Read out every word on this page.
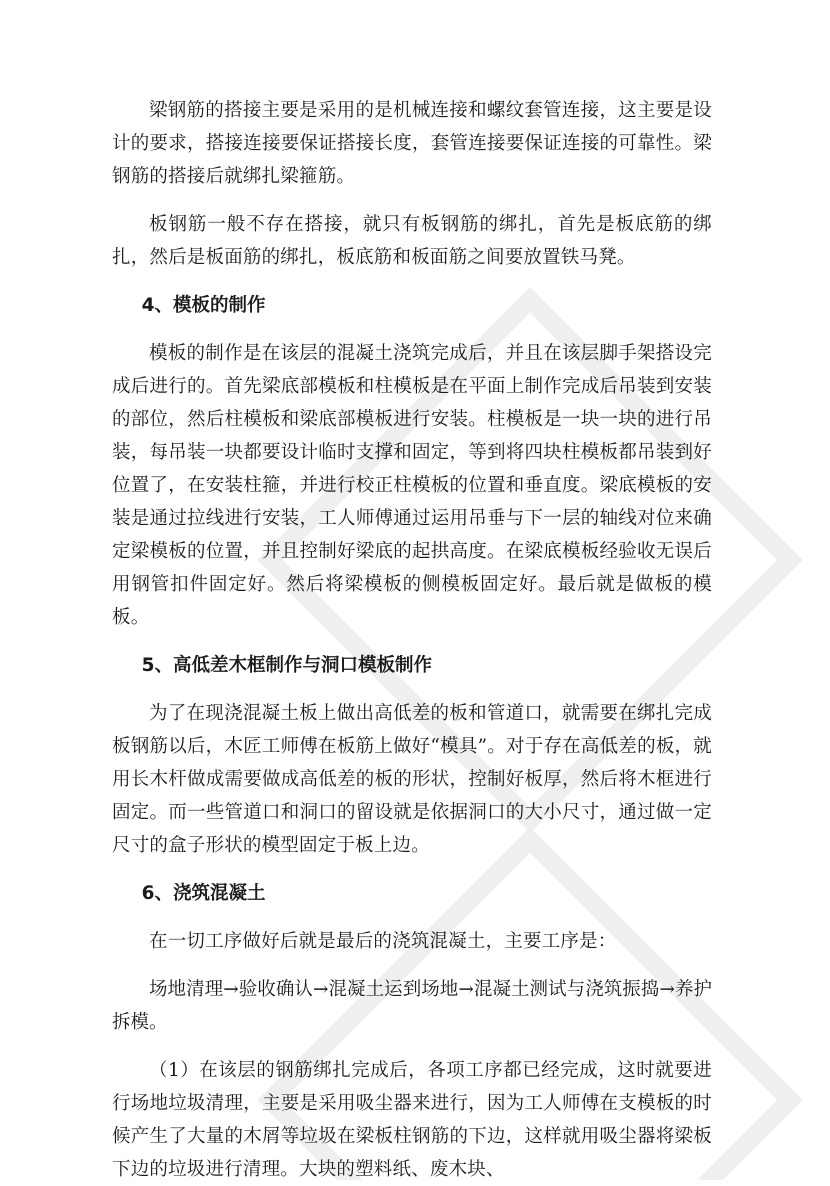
梁钢筋的搭接主要是采用的是机械连接和螺纹套管连接，这主要是设计的要求，搭接连接要保证搭接长度，套管连接要保证连接的可靠性。梁钢筋的搭接后就绑扎梁箍筋。

板钢筋一般不存在搭接，就只有板钢筋的绑扎，首先是板底筋的绑扎，然后是板面筋的绑扎，板底筋和板面筋之间要放置铁马凳。

4、模板的制作

模板的制作是在该层的混凝土浇筑完成后，并且在该层脚手架搭设完成后进行的。首先梁底部模板和柱模板是在平面上制作完成后吊装到安装的部位，然后柱模板和梁底部模板进行安装。柱模板是一块一块的进行吊装，每吊装一块都要设计临时支撑和固定，等到将四块柱模板都吊装到好位置了，在安装柱箍，并进行校正柱模板的位置和垂直度。梁底模板的安装是通过拉线进行安装，工人师傅通过运用吊垂与下一层的轴线对位来确定梁模板的位置，并且控制好梁底的起拱高度。在梁底模板经验收无误后用钢管扣件固定好。然后将梁模板的侧模板固定好。最后就是做板的模板。

5、高低差木框制作与洞口模板制作

为了在现浇混凝土板上做出高低差的板和管道口，就需要在绑扎完成板钢筋以后，木匠工师傅在板筋上做好“模具”。对于存在高低差的板，就用长木杆做成需要做成高低差的板的形状，控制好板厚，然后将木框进行固定。而一些管道口和洞口的留设就是依据洞口的大小尺寸，通过做一定尺寸的盒子形状的模型固定于板上边。

6、浇筑混凝土

在一切工序做好后就是最后的浇筑混凝土，主要工序是：

场地清理→验收确认→混凝土运到场地→混凝土测试与浇筑振捣→养护拆模。

（1）在该层的钢筋绑扎完成后，各项工序都已经完成，这时就要进行场地垃圾清理，主要是采用吸尘器来进行，因为工人师傅在支模板的时候产生了大量的木屑等垃圾在梁板柱钢筋的下边，这样就用吸尘器将梁板下边的垃圾进行清理。大块的塑料纸、废木块、
